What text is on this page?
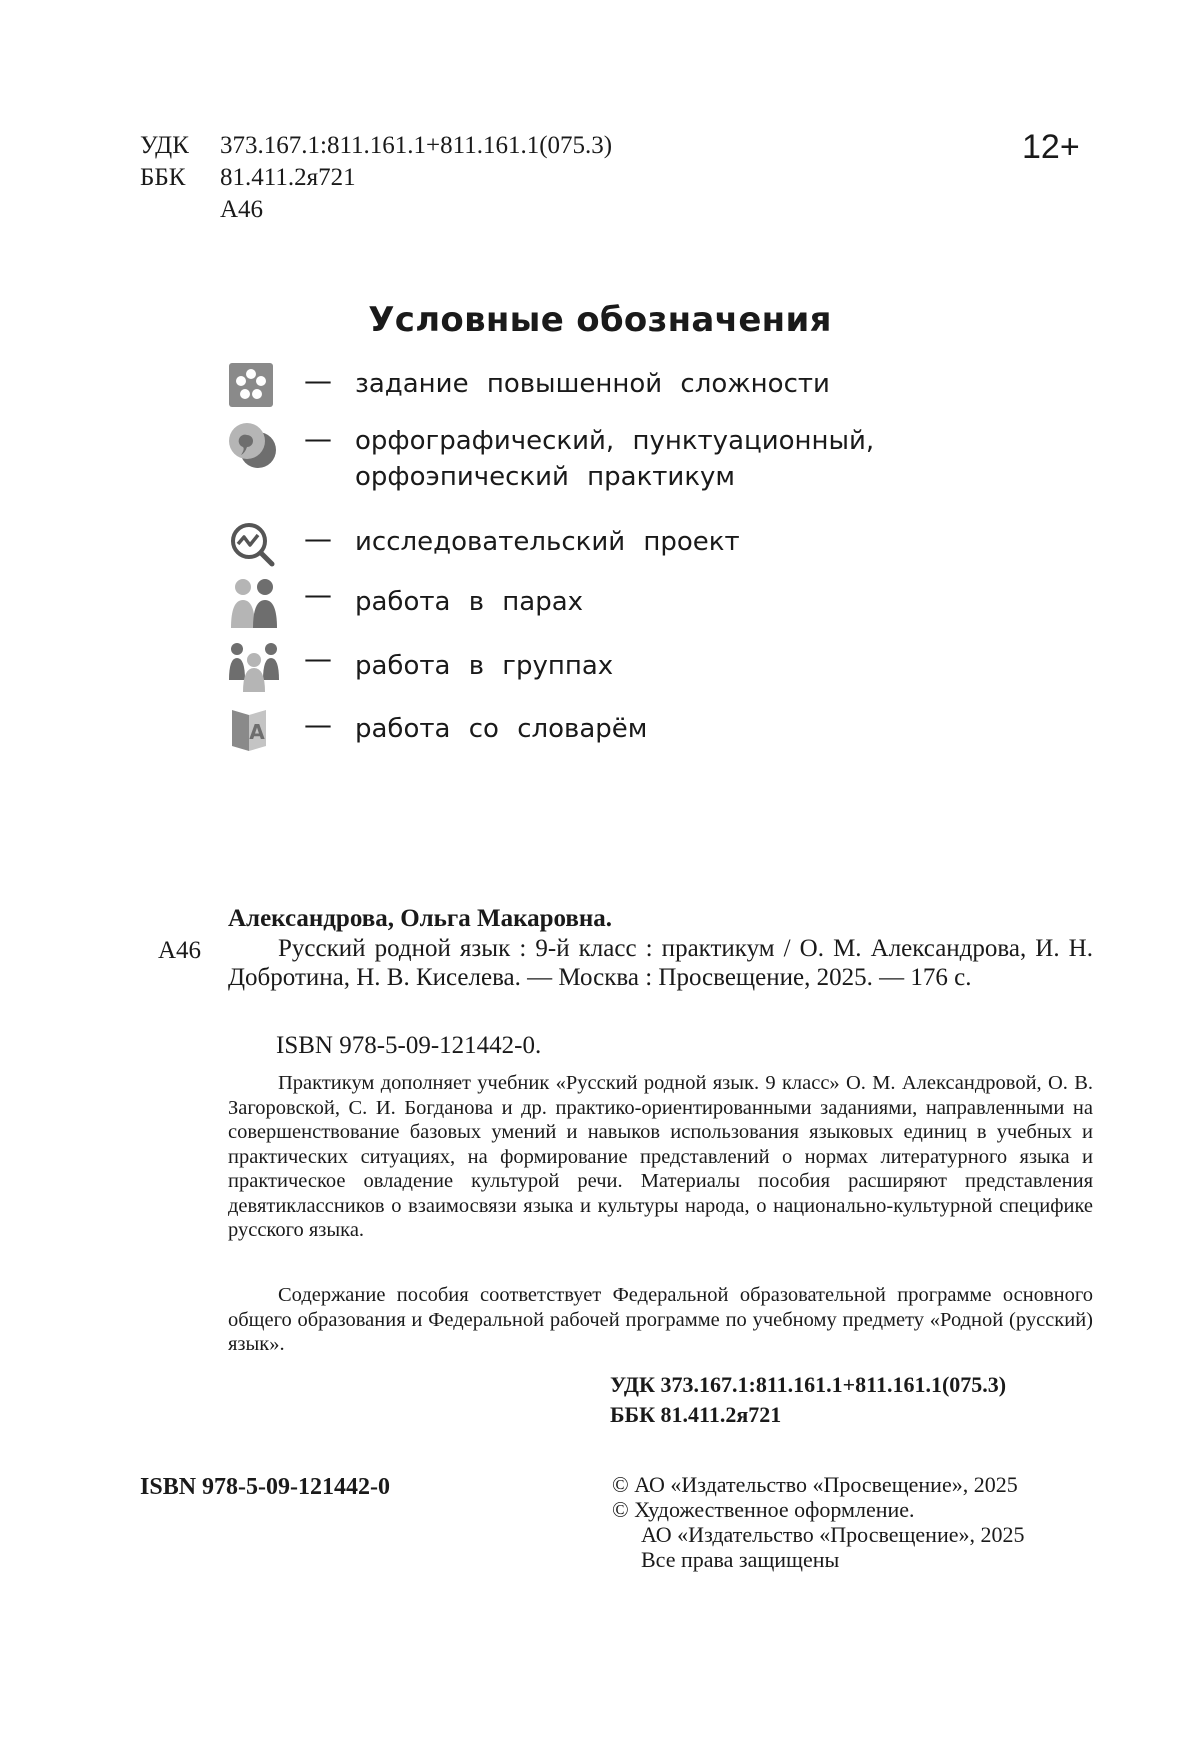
УДК 373.167.1:811.161.1+811.161.1(075.3)
ББК 81.411.2я721
А46
12+
Условные обозначения
— задание повышенной сложности
— орфографический, пунктуационный,
орфоэпический практикум
— исследовательский проект
— работа в парах
— работа в группах
A — работа со словарём
Александрова, Ольга Макаровна.
А46	Русский родной язык : 9-й класс : практикум / О. М. Александрова, И. Н. Добротина, Н. В. Киселева. — Москва : Просвещение, 2025. — 176 с.
ISBN 978-5-09-121442-0.

Практикум дополняет учебник «Русский родной язык. 9 класс» О. М. Александровой, О. В. Загоровской, С. И. Богданова и др. практико-ориентированными заданиями, направленными на совершенствование базовых умений и навыков использования языковых единиц в учебных и практических ситуациях, на формирование представлений о нормах литературного языка и практическое овладение культурой речи. Материалы пособия расширяют представления девятиклассников о взаимосвязи языка и культуры народа, о национально-культурной специфике русского языка.

Содержание пособия соответствует Федеральной образовательной программе основного общего образования и Федеральной рабочей программе по учебному предмету «Родной (русский) язык».

УДК 373.167.1:811.161.1+811.161.1(075.3)
ББК 81.411.2я721
ISBN 978-5-09-121442-0	© АО «Издательство «Просвещение», 2025
© Художественное оформление.
АО «Издательство «Просвещение», 2025
Все права защищены
